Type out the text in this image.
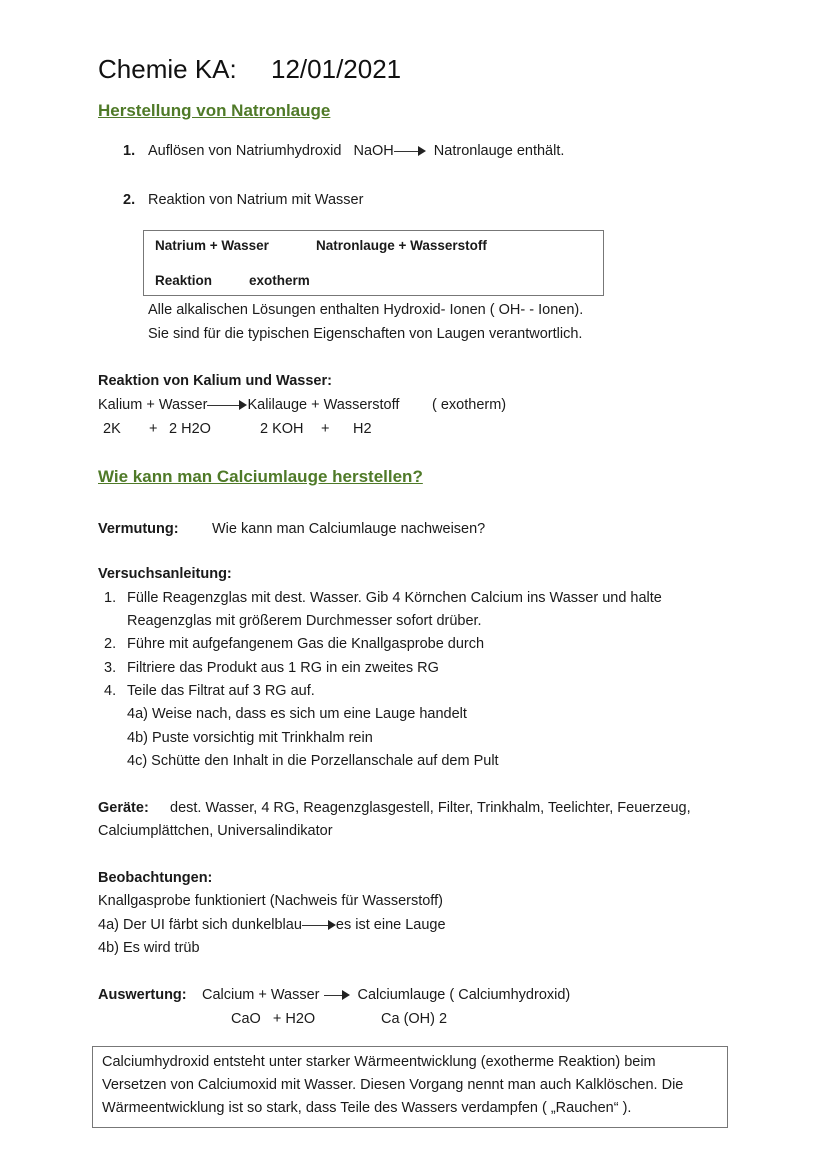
Chemie KA: 12/01/2021
Herstellung von Natronlauge
1. Auflösen von Natriumhydroxid NaOH	Natronlauge enthält.
2. Reaktion von Natrium mit Wasser
Natrium + Wasser	Natronlauge + Wasserstoff
Reaktion	exotherm
Alle alkalischen Lösungen enthalten Hydroxid- Ionen ( OH- - Ionen).
Sie sind für die typischen Eigenschaften von Laugen verantwortlich.
Reaktion von Kalium und Wasser:
Kalium + Wasser	Kalilauge + Wasserstoff ( exotherm)
2K + 2 H2O	2 KOH + H2
Wie kann man Calciumlauge herstellen?
Vermutung: Wie kann man Calciumlauge nachweisen?
Versuchsanleitung:
1. Fülle Reagenzglas mit dest. Wasser. Gib 4 Körnchen Calcium ins Wasser und halte
Reagenzglas mit größerem Durchmesser sofort drüber.
2. Führe mit aufgefangenem Gas die Knallgasprobe durch
3. Filtriere das Produkt aus 1 RG in ein zweites RG
4. Teile das Filtrat auf 3 RG auf.
4a) Weise nach, dass es sich um eine Lauge handelt
4b) Puste vorsichtig mit Trinkhalm rein
4c) Schütte den Inhalt in die Porzellanschale auf dem Pult
Geräte: dest. Wasser, 4 RG, Reagenzglasgestell, Filter, Trinkhalm, Teelichter, Feuerzeug,
Calciumplättchen, Universalindikator
Beobachtungen:
Knallgasprobe funktioniert (Nachweis für Wasserstoff)
4a) Der UI färbt sich dunkelblau es ist eine Lauge
4b) Es wird trüb
Auswertung: Calcium + Wasser	Calciumlauge ( Calciumhydroxid)
CaO   + H2O	Ca (OH) 2
Calciumhydroxid entsteht unter starker Wärmeentwicklung (exotherme Reaktion) beim
Versetzen von Calciumoxid mit Wasser. Diesen Vorgang nennt man auch Kalklöschen. Die
Wärmeentwicklung ist so stark, dass Teile des Wassers verdampfen ( „Rauchen“ ).
